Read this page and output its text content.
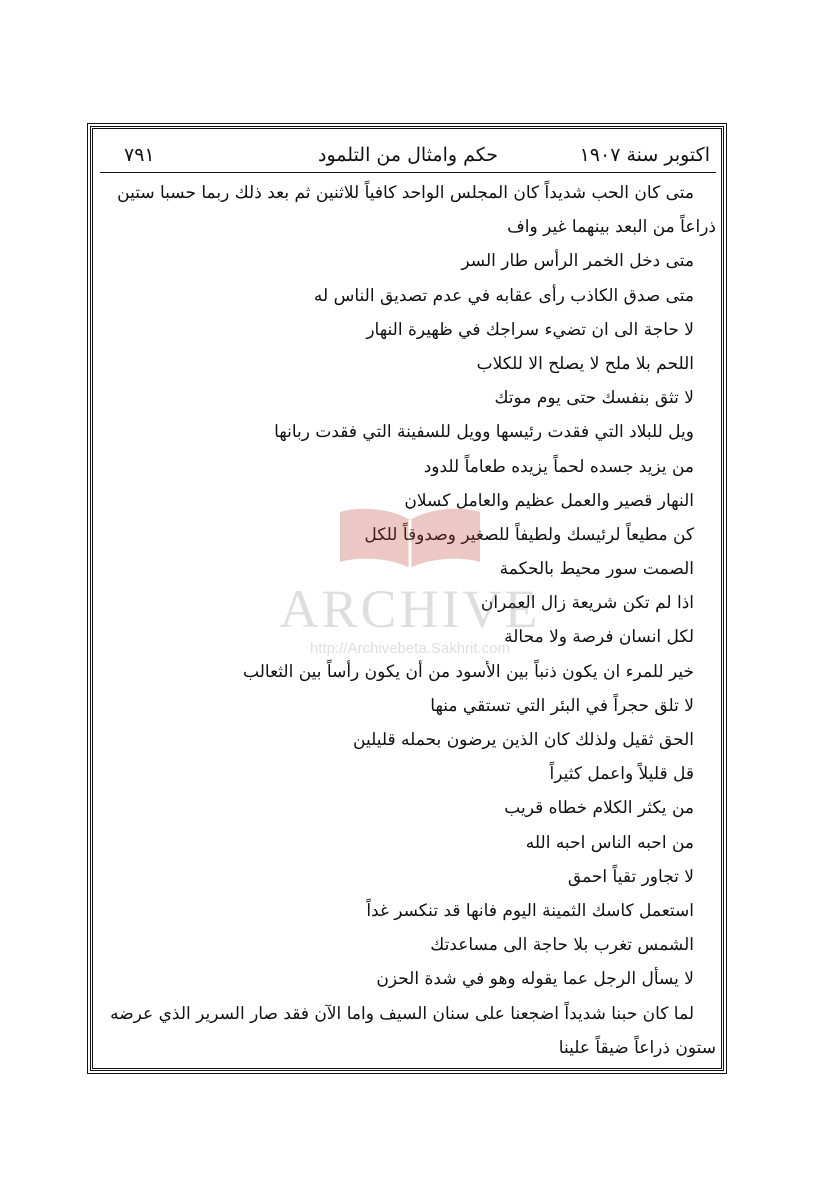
اكتوبر سنة ١٩٠٧
حكم وامثال من التلمود
٧٩١
متى كان الحب شديداً كان المجلس الواحد كافياً للاثنين ثم بعد ذلك ربما حسبا ستين
ذراعاً من البعد بينهما غير واف
متى دخل الخمر الرأس طار السر
متى صدق الكاذب رأى عقابه في عدم تصديق الناس له
لا حاجة الى ان تضيء سراجك في ظهيرة النهار
اللحم بلا ملح لا يصلح الا للكلاب
لا تثق بنفسك حتى يوم موتك
ويل للبلاد التي فقدت رئيسها وويل للسفينة التي فقدت ربانها
من يزيد جسده لحماً يزيده طعاماً للدود
النهار قصير والعمل عظيم والعامل كسلان
كن مطيعاً لرئيسك ولطيفاً للصغير وصدوقاً للكل
الصمت سور محيط بالحكمة
اذا لم تكن شريعة زال العمران
لكل انسان فرصة ولا محالة
خير للمرء ان يكون ذنباً بين الأسود من أن يكون رأساً بين الثعالب
لا تلق حجراً في البئر التي تستقي منها
الحق ثقيل ولذلك كان الذين يرضون بحمله قليلين
قل قليلاً واعمل كثيراً
من يكثر الكلام خطاه قريب
من احبه الناس احبه الله
لا تجاور تقياً احمق
استعمل كاسك الثمينة اليوم فانها قد تنكسر غداً
الشمس تغرب بلا حاجة الى مساعدتك
لا يسأل الرجل عما يقوله وهو في شدة الحزن
لما كان حبنا شديداً اضجعنا على سنان السيف واما الآن فقد صار السرير الذي عرضه
ستون ذراعاً ضيقاً علينا
ARCHIVE
http://Archivebeta.Sakhrit.com
